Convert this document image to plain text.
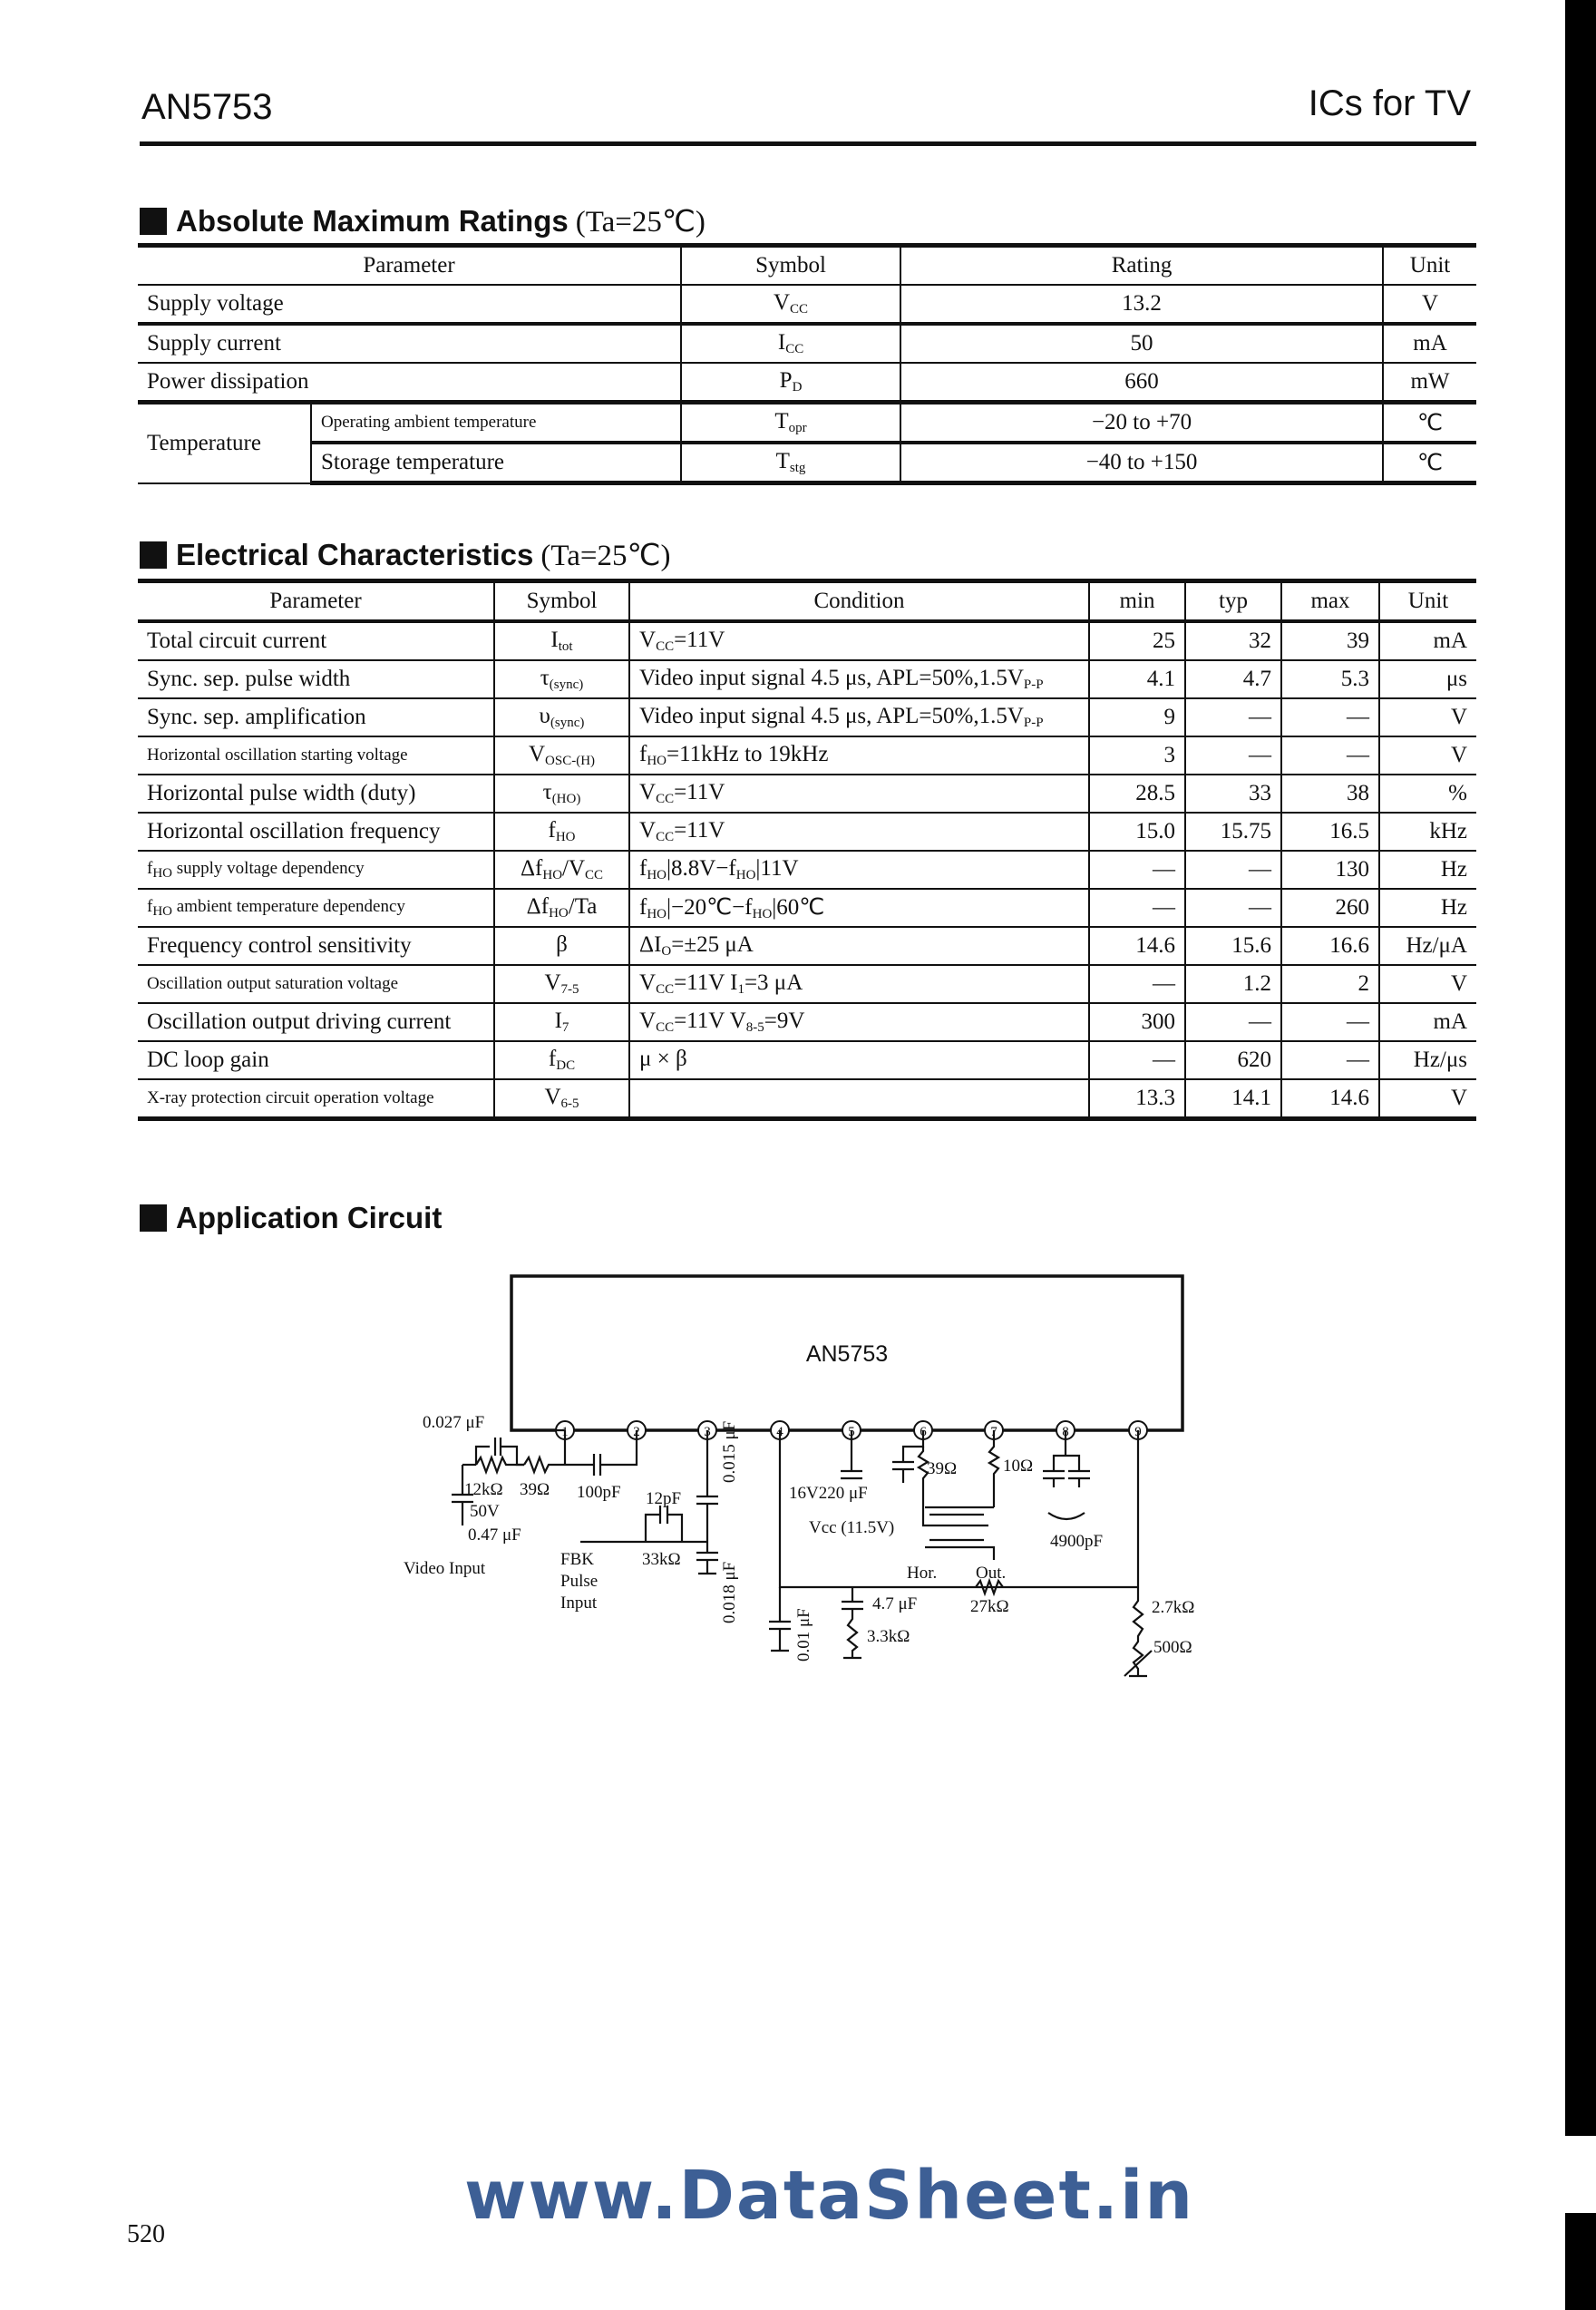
AN5753	ICs for TV
Absolute Maximum Ratings (Ta=25℃)
Parameter		Symbol	Rating	Unit
Supply voltage		$V_{CC}$	13.2	V
Supply current		$I_{CC}$	50	mA
Power dissipation		$P_D$	660	mW
Temperature	Operating ambient temperature	$T_{opr}$	−20 to +70	℃
	Storage temperature	$T_{stg}$	−40 to +150	℃
Electrical Characteristics (Ta=25℃)
Parameter	Symbol	Condition	min	typ	max	Unit
Total circuit current	$I_{tot}$	$V_{CC}=11V$	25	32	39	mA
Sync. sep. pulse width	$\tau_{(sync)}$	Video input signal 4.5 μs, $APL=50\%,1.5V_{P-P}$	4.1	4.7	5.3	μs
Sync. sep. amplification	$\upsilon_{(sync)}$	Video input signal 4.5 μs, $APL=50\%,1.5V_{P-P}$	9	—	—	V
Horizontal oscillation starting voltage	$V_{OSC-(H)}$	$f_{HO}=11kHz$ to 19kHz	3	—	—	V
Horizontal pulse width (duty)	$\tau_{(HO)}$	$V_{CC}=11V$	28.5	33	38	%
Horizontal oscillation frequency	$f_{HO}$	$V_{CC}=11V$	15.0	15.75	16.5	kHz
$f_{HO}$ supply voltage dependency	$\Delta f_{HO}/V_{CC}$	$f_{HO}|8.8V-f_{HO}|11V$	—	—	130	Hz
$f_{HO}$ ambient temperature dependency	$\Delta f_{HO}/Ta$	$f_{HO}|-20℃-f_{HO}|60℃$	—	—	260	Hz
Frequency control sensitivity	β	$\Delta I_O=\pm 25$ μA	14.6	15.6	16.6	Hz/μA
Oscillation output saturation voltage	$V_{7-5}$	$V_{CC}=11V$ $I_1=3$ μA	—	1.2	2	V
Oscillation output driving current	$I_7$	$V_{CC}=11V$ $V_{8-5}=9V$	300	—	—	mA
DC loop gain	$f_{DC}$	μ × β	—	620	—	Hz/μs
X-ray protection circuit operation voltage	$V_{6-5}$		13.3	14.1	14.6	V
Application Circuit
AN5753
1	2	3	4	5	6	7	8	9
0.027 μF
12kΩ 39Ω 100pF
50V
0.47 μF
Video Input
12pF
0.015 μF
FBK
Pulse
Input
33kΩ
0.018 μF
0.01 μF
4.7 μF
3.3kΩ
16V220 μF
Vcc (11.5V)
39Ω	10Ω
Hor. Out.
27kΩ
4900pF
2.7kΩ
500Ω
www.DataSheet.in
520
